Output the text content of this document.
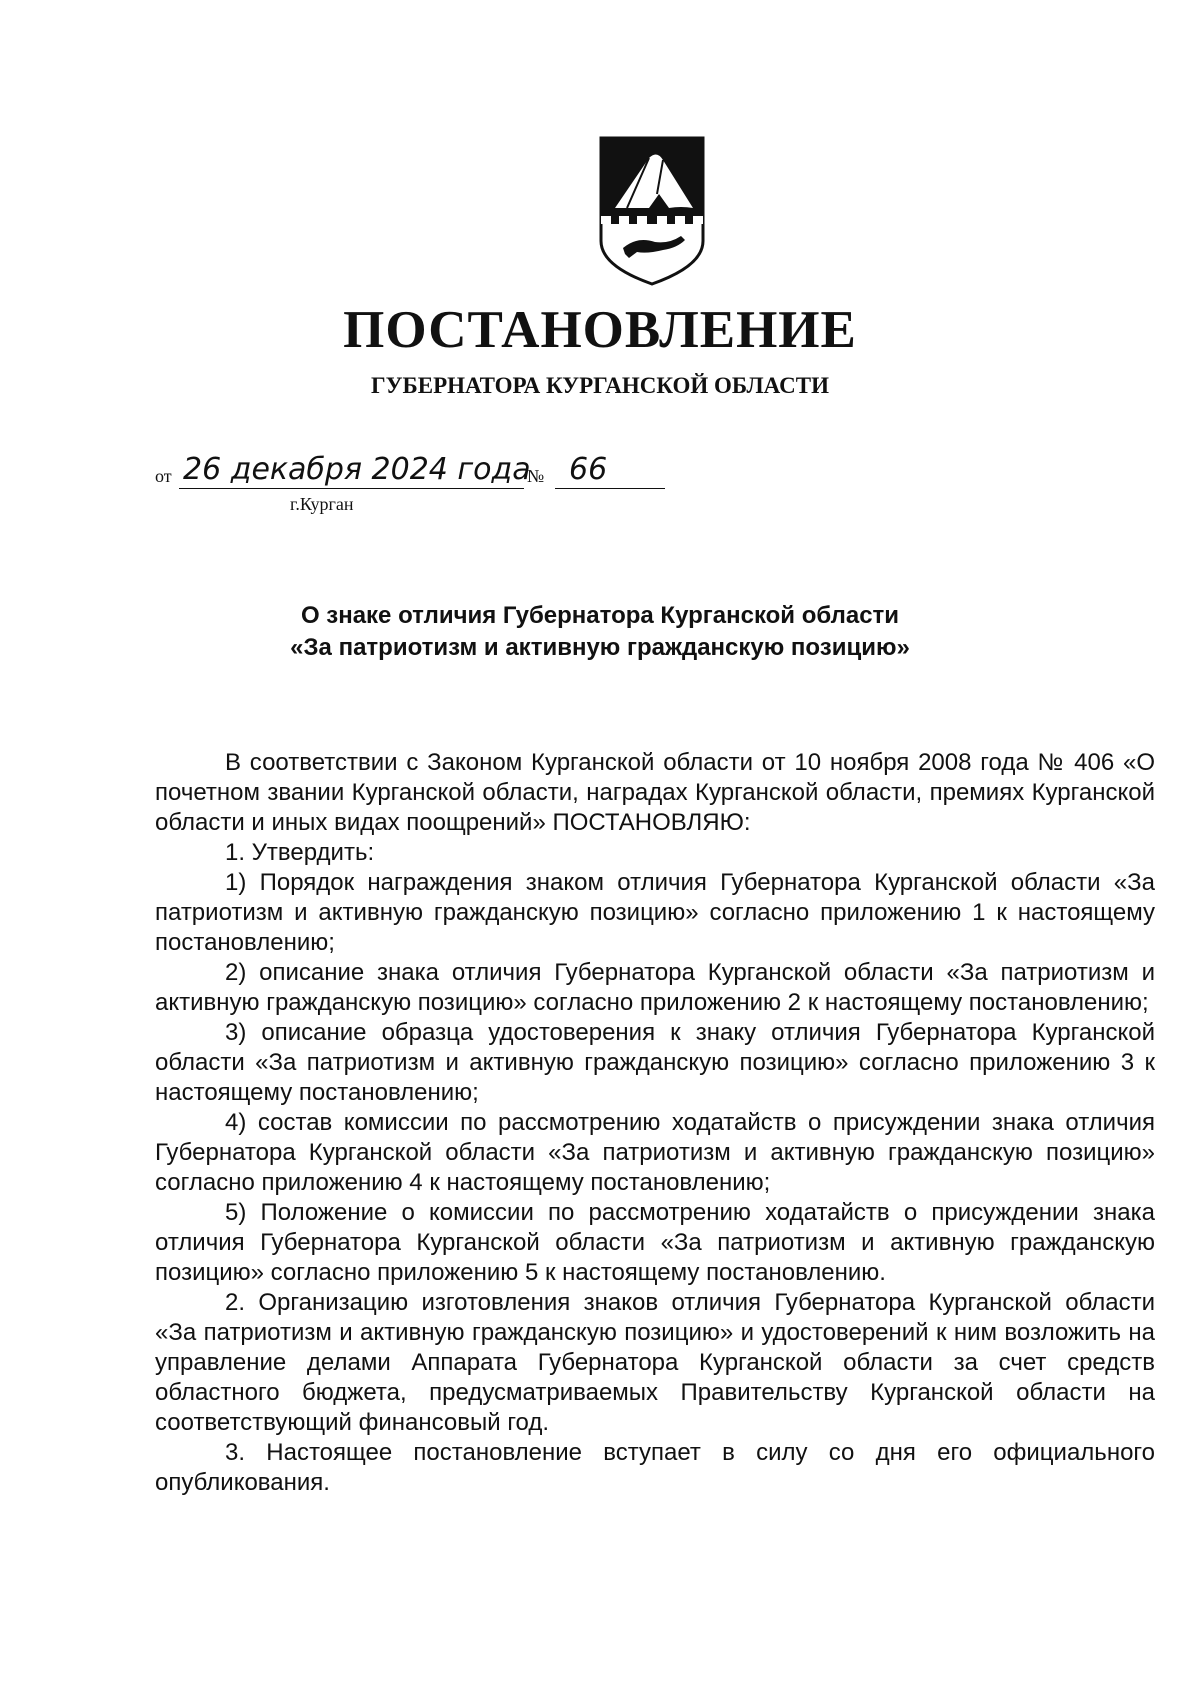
ПОСТАНОВЛЕНИЕ
ГУБЕРНАТОРА КУРГАНСКОЙ ОБЛАСТИ
от 26 декабря 2024 года
№ 66
г.Курган
О знаке отличия Губернатора Курганской области
«За патриотизм и активную гражданскую позицию»

В соответствии с Законом Курганской области от 10 ноября 2008 года № 406 «О почетном звании Курганской области, наградах Курганской области, премиях Курганской области и иных видах поощрений» ПОСТАНОВЛЯЮ:

1. Утвердить:

1) Порядок награждения знаком отличия Губернатора Курганской области «За патриотизм и активную гражданскую позицию» согласно приложению 1 к настоящему постановлению;

2) описание знака отличия Губернатора Курганской области «За патриотизм и активную гражданскую позицию» согласно приложению 2 к настоящему постановлению;

3) описание образца удостоверения к знаку отличия Губернатора Курганской области «За патриотизм и активную гражданскую позицию» согласно приложению 3 к настоящему постановлению;

4) состав комиссии по рассмотрению ходатайств о присуждении знака отличия Губернатора Курганской области «За патриотизм и активную гражданскую позицию» согласно приложению 4 к настоящему постановлению;

5) Положение о комиссии по рассмотрению ходатайств о присуждении знака отличия Губернатора Курганской области «За патриотизм и активную гражданскую позицию» согласно приложению 5 к настоящему постановлению.

2. Организацию изготовления знаков отличия Губернатора Курганской области «За патриотизм и активную гражданскую позицию» и удостоверений к ним возложить на управление делами Аппарата Губернатора Курганской области за счет средств областного бюджета, предусматриваемых Правительству Курганской области на соответствующий финансовый год.

3. Настоящее постановление вступает в силу со дня его официального опубликования.
